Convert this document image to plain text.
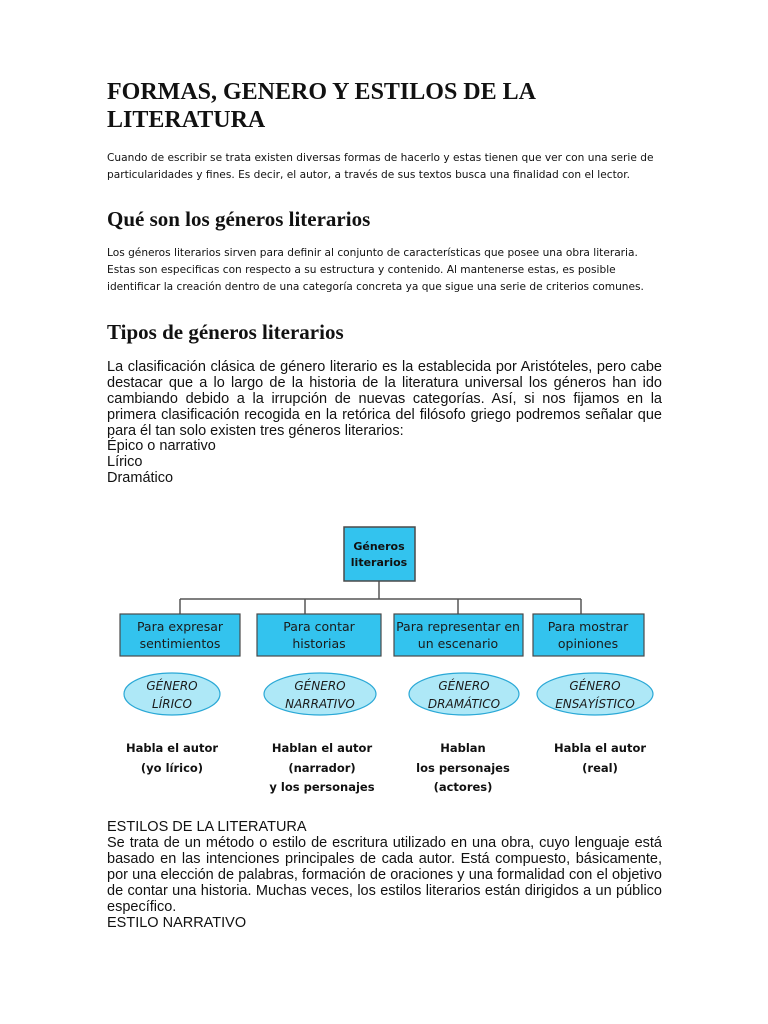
FORMAS, GENERO Y ESTILOS DE LA LITERATURA

Cuando de escribir se trata existen diversas formas de hacerlo y estas tienen que ver con una serie de particularidades y fines. Es decir, el autor, a través de sus textos busca una finalidad con el lector.

Qué son los géneros literarios

Los géneros literarios sirven para definir al conjunto de características que posee una obra literaria. Estas son especificas con respecto a su estructura y contenido. Al mantenerse estas, es posible identificar la creación dentro de una categoría concreta ya que sigue una serie de criterios comunes.

Tipos de géneros literarios

La clasificación clásica de género literario es la establecida por Aristóteles, pero cabe destacar que a lo largo de la historia de la literatura universal los géneros han ido cambiando debido a la irrupción de nuevas categorías. Así, si nos fijamos en la primera clasificación recogida en la retórica del filósofo griego podremos señalar que para él tan solo existen tres géneros literarios:

Épico o narrativo

Lírico

Dramático

ESTILOS DE LA LITERATURA

Se trata de un método o estilo de escritura utilizado en una obra, cuyo lenguaje está basado en las intenciones principales de cada autor. Está compuesto, básicamente, por una elección de palabras, formación de oraciones y una formalidad con el objetivo de contar una historia. Muchas veces, los estilos literarios están dirigidos a un público específico.

ESTILO NARRATIVO

Géneros
literarios
Para expresar
sentimientos
GÉNERO
LÍRICO
Habla el autor
(yo lírico)
Para contar
historias
GÉNERO
NARRATIVO
Hablan el autor
(narrador)
y los personajes
Para representar en
un escenario
GÉNERO
DRAMÁTICO
Hablan
los personajes
(actores)
Para mostrar
opiniones
GÉNERO
ENSAYÍSTICO
Habla el autor
(real)
